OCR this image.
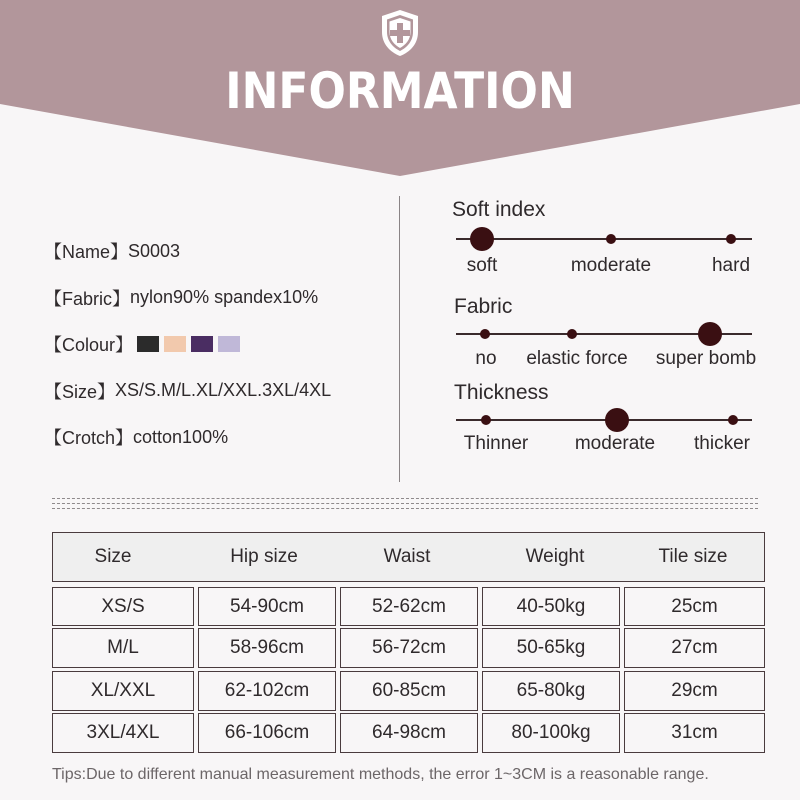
INFORMATION
【Name】 S0003
【Fabric】 nylon90% spandex10%
【Colour】
【Size】 XS/S.M/L.XL/XXL.3XL/4XL
【Crotch】 cotton100%
Soft index
soft	moderate	hard
Fabric
no elastic force super bomb
Thickness
Thinner moderate thicker
Size	Hip size	Waist	Weight	Tile size
XS/S	54-90cm	52-62cm	40-50kg	25cm
M/L	58-96cm	56-72cm	50-65kg	27cm
XL/XXL	62-102cm	60-85cm	65-80kg	29cm
3XL/4XL	66-106cm	64-98cm	80-100kg	31cm
Tips:Due to different manual measurement methods, the error 1~3CM is a reasonable range.
